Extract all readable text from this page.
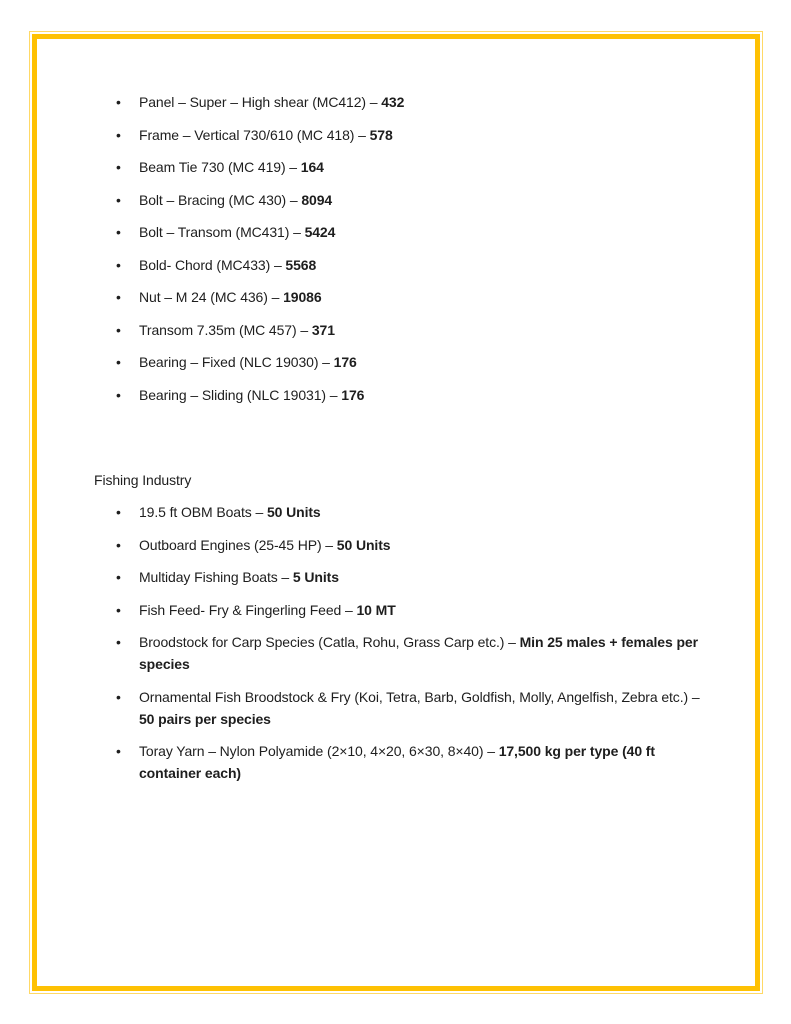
• Panel – Super – High shear (MC412) – 432
• Frame – Vertical 730/610 (MC 418) – 578
• Beam Tie 730 (MC 419) – 164
• Bolt – Bracing (MC 430) – 8094
• Bolt – Transom (MC431) – 5424
• Bold- Chord (MC433) – 5568
• Nut – M 24 (MC 436) – 19086
• Transom 7.35m (MC 457) – 371
• Bearing – Fixed (NLC 19030) – 176
• Bearing – Sliding (NLC 19031) – 176
Fishing Industry
• 19.5 ft OBM Boats – 50 Units
• Outboard Engines (25-45 HP) – 50 Units
• Multiday Fishing Boats – 5 Units
• Fish Feed- Fry & Fingerling Feed – 10 MT
• Broodstock for Carp Species (Catla, Rohu, Grass Carp etc.) – Min 25 males + females per species
• Ornamental Fish Broodstock & Fry (Koi, Tetra, Barb, Goldfish, Molly, Angelfish, Zebra etc.) – 50 pairs per species
• Toray Yarn – Nylon Polyamide (2×10, 4×20, 6×30, 8×40) – 17,500 kg per type (40 ft container each)
